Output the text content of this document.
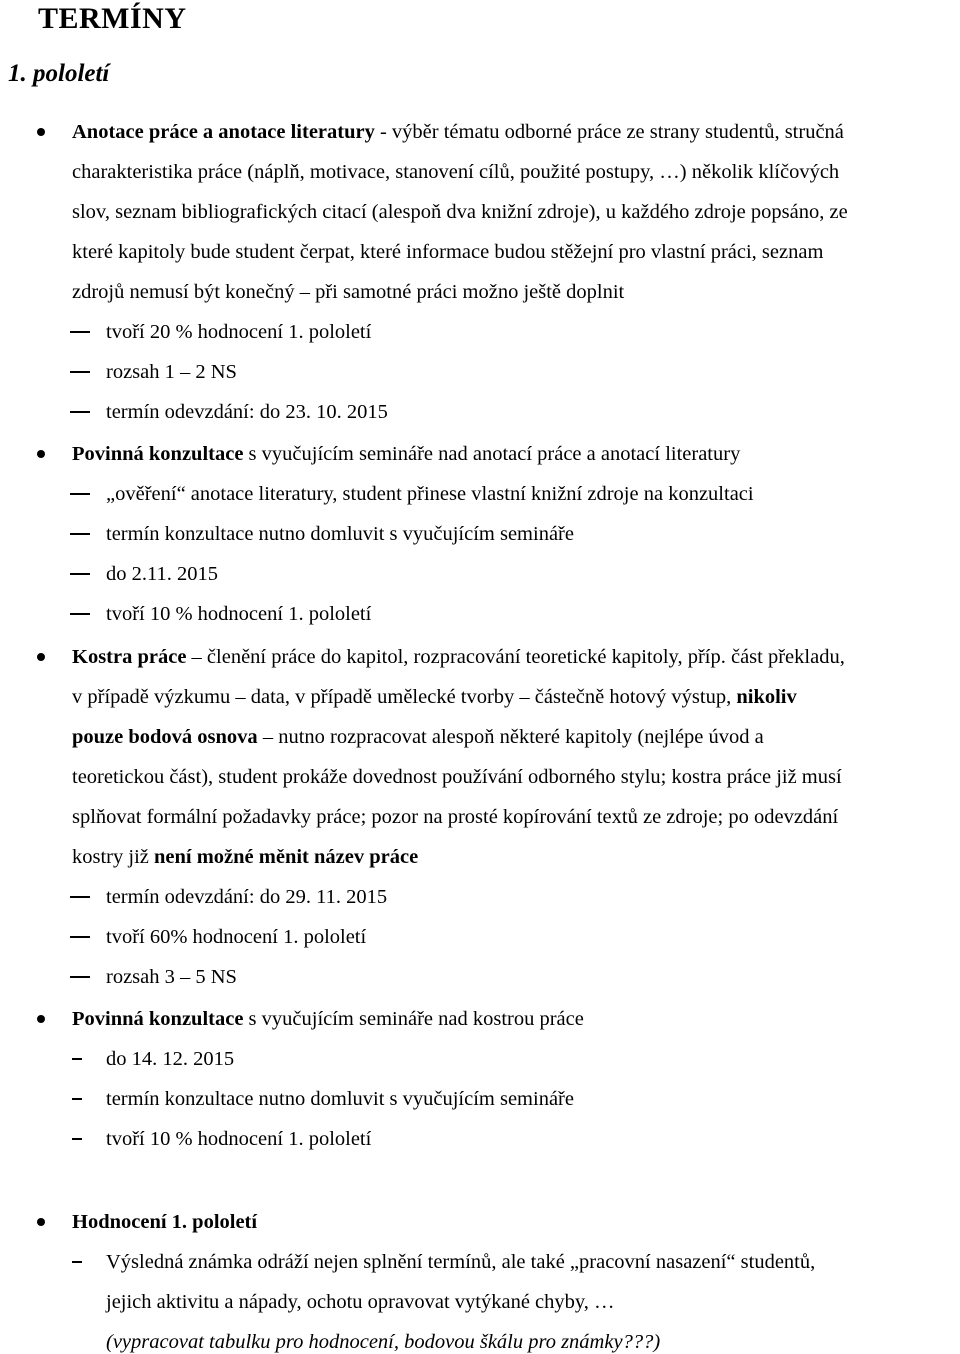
TERMÍNY
1. pololetí
Anotace práce a anotace literatury - výběr tématu odborné práce ze strany studentů, stručná
charakteristika práce (náplň, motivace, stanovení cílů, použité postupy, …) několik klíčových
slov, seznam bibliografických citací (alespoň dva knižní zdroje), u každého zdroje popsáno, ze
které kapitoly bude student čerpat, které informace budou stěžejní pro vlastní práci, seznam
zdrojů nemusí být konečný – při samotné práci možno ještě doplnit
tvoří 20 % hodnocení 1. pololetí
rozsah 1 – 2 NS
termín odevzdání: do 23. 10. 2015
Povinná konzultace s vyučujícím semináře nad anotací práce a anotací literatury
„ověření“ anotace literatury, student přinese vlastní knižní zdroje na konzultaci
termín konzultace nutno domluvit s vyučujícím semináře
do 2.11. 2015
tvoří 10 % hodnocení 1. pololetí
Kostra práce – členění práce do kapitol, rozpracování teoretické kapitoly, příp. část překladu,
v případě výzkumu – data, v případě umělecké tvorby – částečně hotový výstup, nikoliv
pouze bodová osnova – nutno rozpracovat alespoň některé kapitoly (nejlépe úvod a
teoretickou část), student prokáže dovednost používání odborného stylu; kostra práce již musí
splňovat formální požadavky práce; pozor na prosté kopírování textů ze zdroje; po odevzdání
kostry již není možné měnit název práce
termín odevzdání: do 29. 11. 2015
tvoří 60% hodnocení 1. pololetí
rozsah 3 – 5 NS
Povinná konzultace s vyučujícím semináře nad kostrou práce
do 14. 12. 2015
termín konzultace nutno domluvit s vyučujícím semináře
tvoří 10 % hodnocení 1. pololetí
Hodnocení 1. pololetí
Výsledná známka odráží nejen splnění termínů, ale také „pracovní nasazení“ studentů,
jejich aktivitu a nápady, ochotu opravovat vytýkané chyby, …
(vypracovat tabulku pro hodnocení, bodovou škálu pro známky???)
